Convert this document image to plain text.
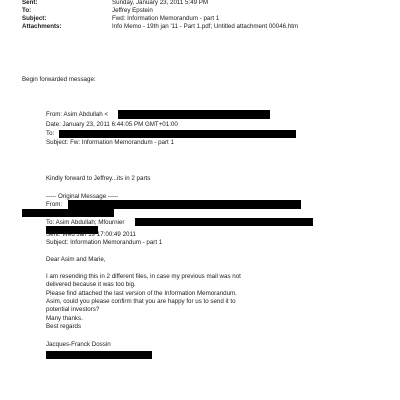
Sent:	Sunday, January 23, 2011 5:49 PM
To:	Jeffrey Epstein
Subject:	Fwd: Information Memorandum - part 1
Attachments:	Info Memo - 19th jan '11 - Part 1.pdf; Untitled attachment 00046.htm
Begin forwarded message:
From: Asim Abdullah <
Date: January 23, 2011 6:44:05 PM GMT+01:00
To:
Subject: Fw: Information Memorandum - part 1
Kindly forward to Jeffrey...its in 2 parts
----- Original Message -----
From:
To: Asim Abdullah; Mfournier
Sent: Wed Jan 19 17:00:49 2011
Subject: Information Memorandum - part 1
Dear Asim and Marie,
I am resending this in 2 different files, in case my previous mail was not
delivered because it was too big.
Please find attached the last version of the Information Memorandum.
Asim, could you please confirm that you are happy for us to send it to
potential investors?
Many thanks.
Best regards
Jacques-Franck Dossin
